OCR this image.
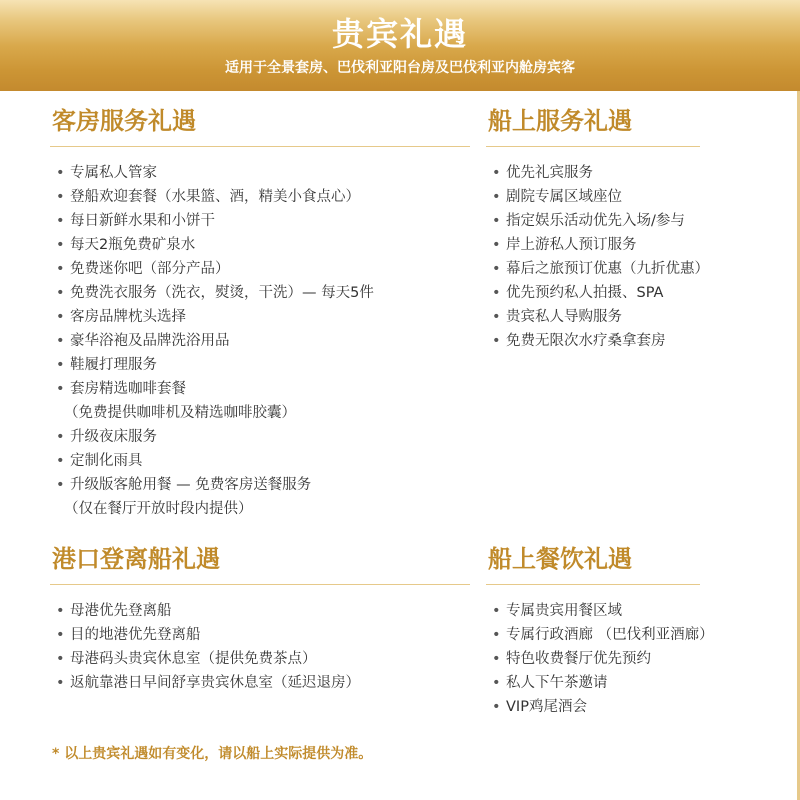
贵宾礼遇
适用于全景套房、巴伐利亚阳台房及巴伐利亚内舱房宾客
客房服务礼遇
• 专属私人管家
• 登船欢迎套餐（水果篮、酒，精美小食点心）
• 每日新鲜水果和小饼干
• 每天2瓶免费矿泉水
• 免费迷你吧（部分产品）
• 免费洗衣服务（洗衣，熨烫，干洗）— 每天5件
• 客房品牌枕头选择
• 豪华浴袍及品牌洗浴用品
• 鞋履打理服务
• 套房精选咖啡套餐
（免费提供咖啡机及精选咖啡胶囊）
• 升级夜床服务
• 定制化雨具
• 升级版客舱用餐 — 免费客房送餐服务
（仅在餐厅开放时段内提供）
船上服务礼遇
• 优先礼宾服务
• 剧院专属区域座位
• 指定娱乐活动优先入场/参与
• 岸上游私人预订服务
• 幕后之旅预订优惠（九折优惠）
• 优先预约私人拍摄、SPA
• 贵宾私人导购服务
• 免费无限次水疗桑拿套房
港口登离船礼遇
• 母港优先登离船
• 目的地港优先登离船
• 母港码头贵宾休息室（提供免费茶点）
• 返航靠港日早间舒享贵宾休息室（延迟退房）
船上餐饮礼遇
• 专属贵宾用餐区域
• 专属行政酒廊 （巴伐利亚酒廊）
• 特色收费餐厅优先预约
• 私人下午茶邀请
• VIP鸡尾酒会
* 以上贵宾礼遇如有变化，请以船上实际提供为准。
